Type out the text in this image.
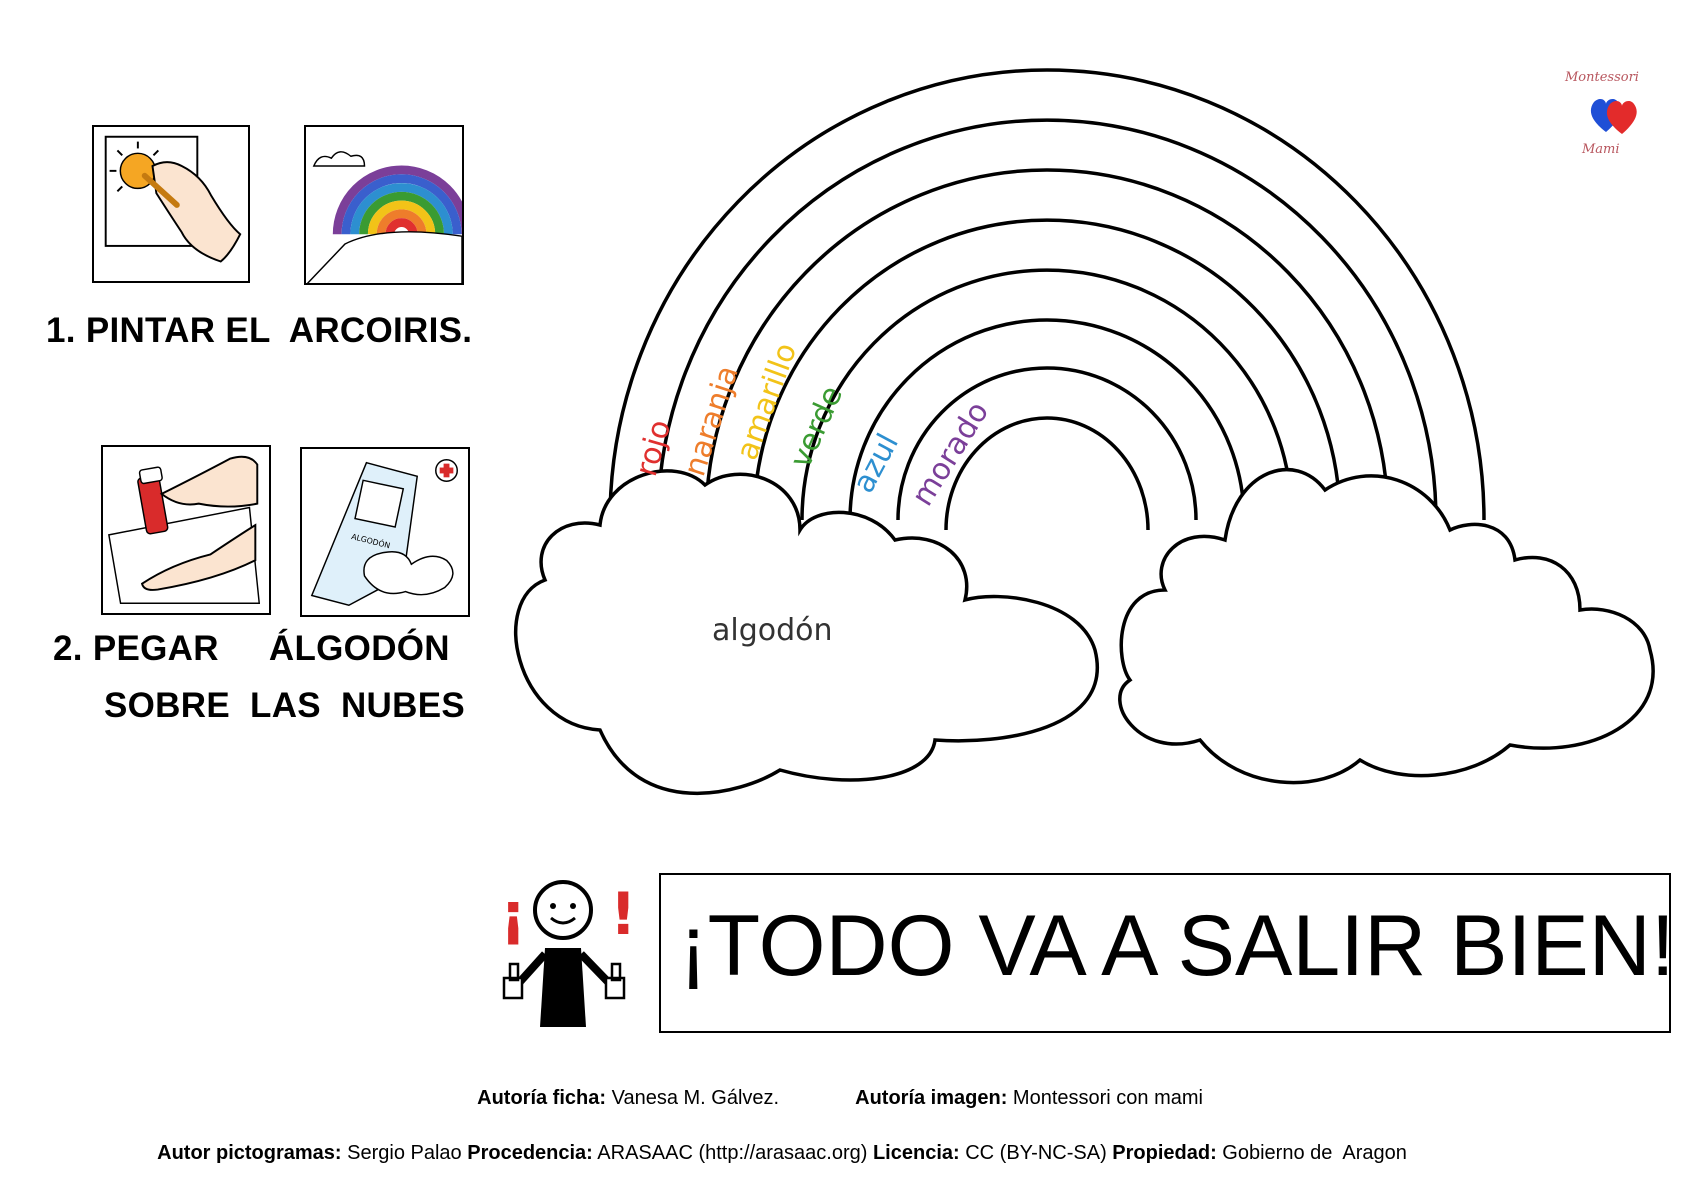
1. PINTAR EL  ARCOIRIS.
ALGODÓN
2. PEGAR     ÁLGODÓN
SOBRE  LAS  NUBES
rojo
naranja
amarillo
verde
azul morado
algodón
Montessori
Mami
¡ ! ¡TODO VA A SALIR BIEN!

Autoría ficha: Vanesa M. Gálvez.	Autoría imagen: Montessori con mami

Autor pictogramas: Sergio Palao Procedencia: ARASAAC (http://arasaac.org) Licencia: CC (BY-NC-SA) Propiedad: Gobierno de  Aragon
